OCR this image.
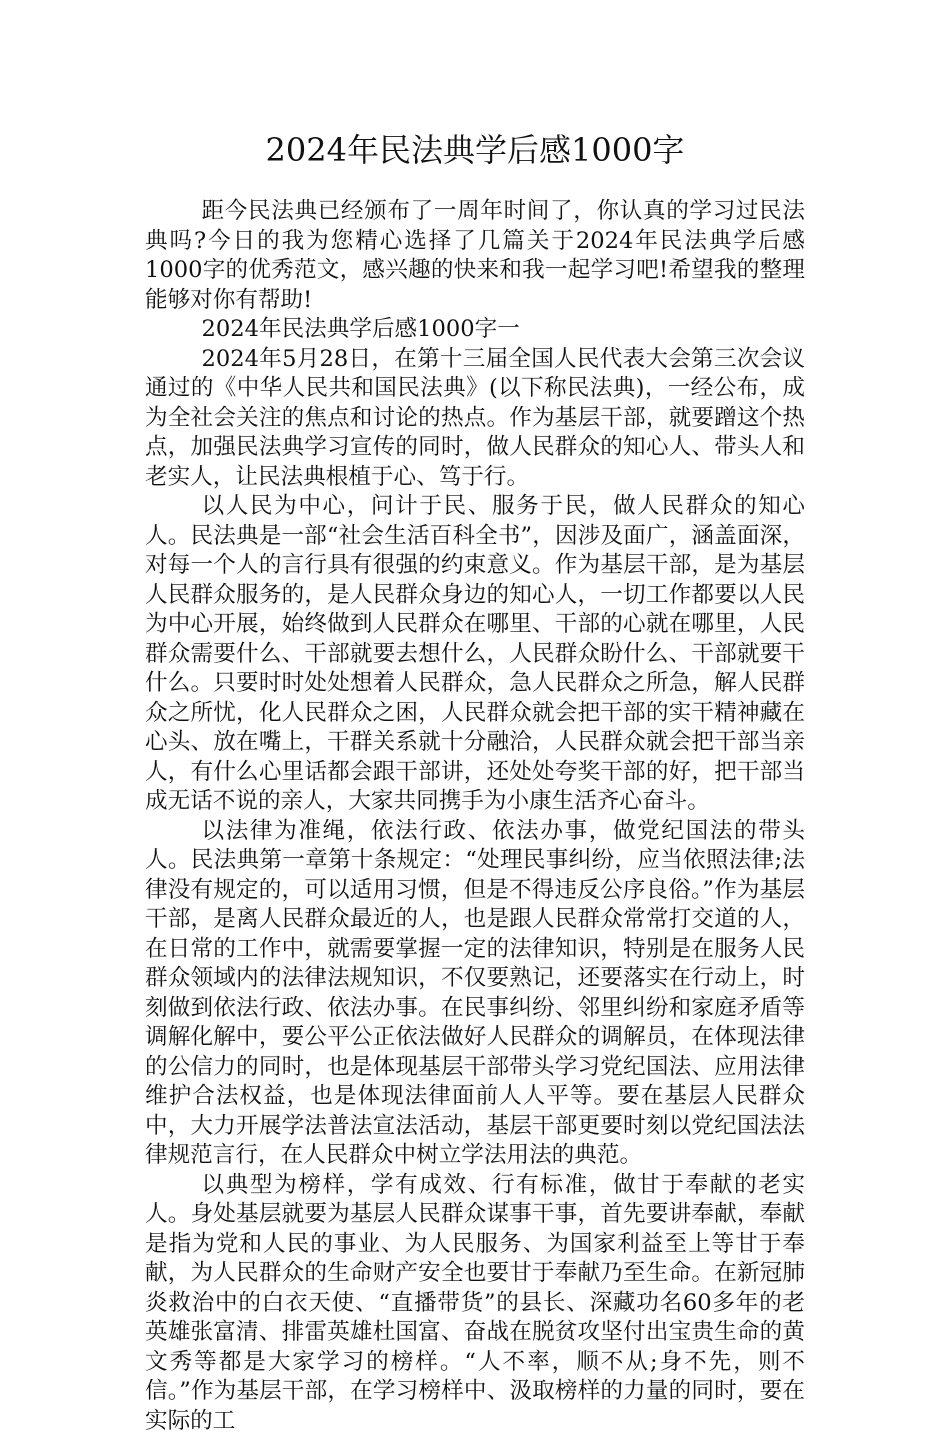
2024年民法典学后感1000字

距今民法典已经颁布了一周年时间了，你认真的学习过民法典吗?今日的我为您精心选择了几篇关于2024年民法典学后感1000字的优秀范文，感兴趣的快来和我一起学习吧!希望我的整理能够对你有帮助!

2024年民法典学后感1000字一

2024年5月28日，在第十三届全国人民代表大会第三次会议通过的《中华人民共和国民法典》(以下称民法典)，一经公布，成为全社会关注的焦点和讨论的热点。作为基层干部，就要蹭这个热点，加强民法典学习宣传的同时，做人民群众的知心人、带头人和老实人，让民法典根植于心、笃于行。

以人民为中心，问计于民、服务于民，做人民群众的知心人。民法典是一部“社会生活百科全书”，因涉及面广，涵盖面深，对每一个人的言行具有很强的约束意义。作为基层干部，是为基层人民群众服务的，是人民群众身边的知心人，一切工作都要以人民为中心开展，始终做到人民群众在哪里、干部的心就在哪里，人民群众需要什么、干部就要去想什么，人民群众盼什么、干部就要干什么。只要时时处处想着人民群众，急人民群众之所急，解人民群众之所忧，化人民群众之困，人民群众就会把干部的实干精神藏在心头、放在嘴上，干群关系就十分融洽，人民群众就会把干部当亲人，有什么心里话都会跟干部讲，还处处夸奖干部的好，把干部当成无话不说的亲人，大家共同携手为小康生活齐心奋斗。

以法律为准绳，依法行政、依法办事，做党纪国法的带头人。民法典第一章第十条规定：“处理民事纠纷，应当依照法律;法律没有规定的，可以适用习惯，但是不得违反公序良俗。”作为基层干部，是离人民群众最近的人，也是跟人民群众常常打交道的人，在日常的工作中，就需要掌握一定的法律知识，特别是在服务人民群众领域内的法律法规知识，不仅要熟记，还要落实在行动上，时刻做到依法行政、依法办事。在民事纠纷、邻里纠纷和家庭矛盾等调解化解中，要公平公正依法做好人民群众的调解员，在体现法律的公信力的同时，也是体现基层干部带头学习党纪国法、应用法律维护合法权益，也是体现法律面前人人平等。要在基层人民群众中，大力开展学法普法宣法活动，基层干部更要时刻以党纪国法法律规范言行，在人民群众中树立学法用法的典范。

以典型为榜样，学有成效、行有标准，做甘于奉献的老实人。身处基层就要为基层人民群众谋事干事，首先要讲奉献，奉献是指为党和人民的事业、为人民服务、为国家利益至上等甘于奉献，为人民群众的生命财产安全也要甘于奉献乃至生命。在新冠肺炎救治中的白衣天使、“直播带货”的县长、深藏功名60多年的老英雄张富清、排雷英雄杜国富、奋战在脱贫攻坚付出宝贵生命的黄文秀等都是大家学习的榜样。“人不率，顺不从;身不先，则不信。”作为基层干部，在学习榜样中、汲取榜样的力量的同时，要在实际的工
